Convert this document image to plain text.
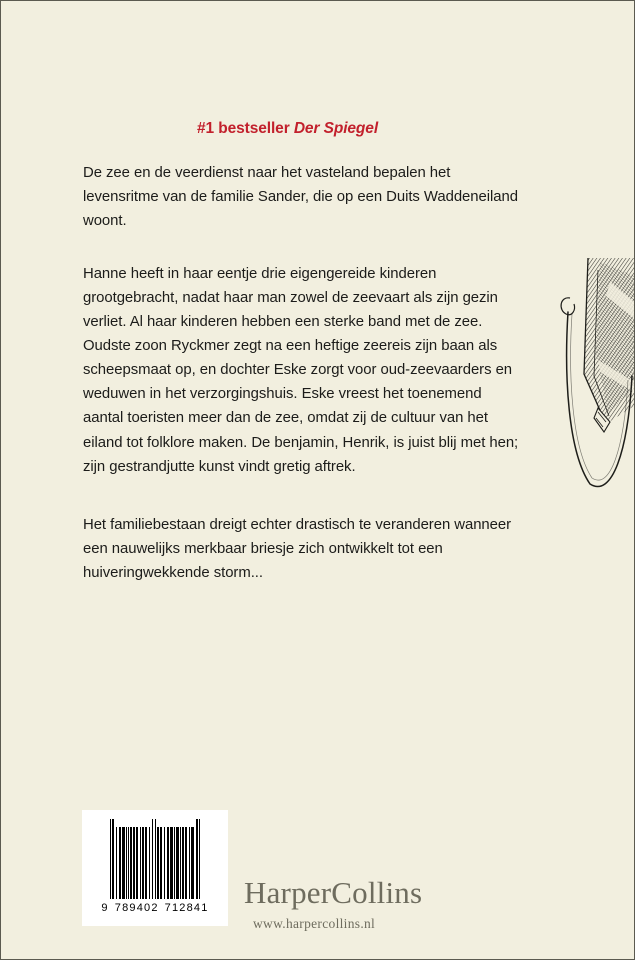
#1 bestseller Der Spiegel

De zee en de veerdienst naar het vasteland bepalen het levensritme van de familie Sander, die op een Duits Waddeneiland woont.

Hanne heeft in haar eentje drie eigengereide kinderen grootgebracht, nadat haar man zowel de zeevaart als zijn gezin verliet. Al haar kinderen hebben een sterke band met de zee. Oudste zoon Ryckmer zegt na een heftige zeereis zijn baan als scheepsmaat op, en dochter Eske zorgt voor oud-zeevaarders en weduwen in het verzorgingshuis. Eske vreest het toenemend aantal toeristen meer dan de zee, omdat zij de cultuur van het eiland tot folklore maken. De benjamin, Henrik, is juist blij met hen; zijn gestrandjutte kunst vindt gretig aftrek.

Het familiebestaan dreigt echter drastisch te veranderen wanneer een nauwelijks merkbaar briesje zich ontwikkelt tot een huiveringwekkende storm...

9 789402 712841 HarperCollins
www.harpercollins.nl
